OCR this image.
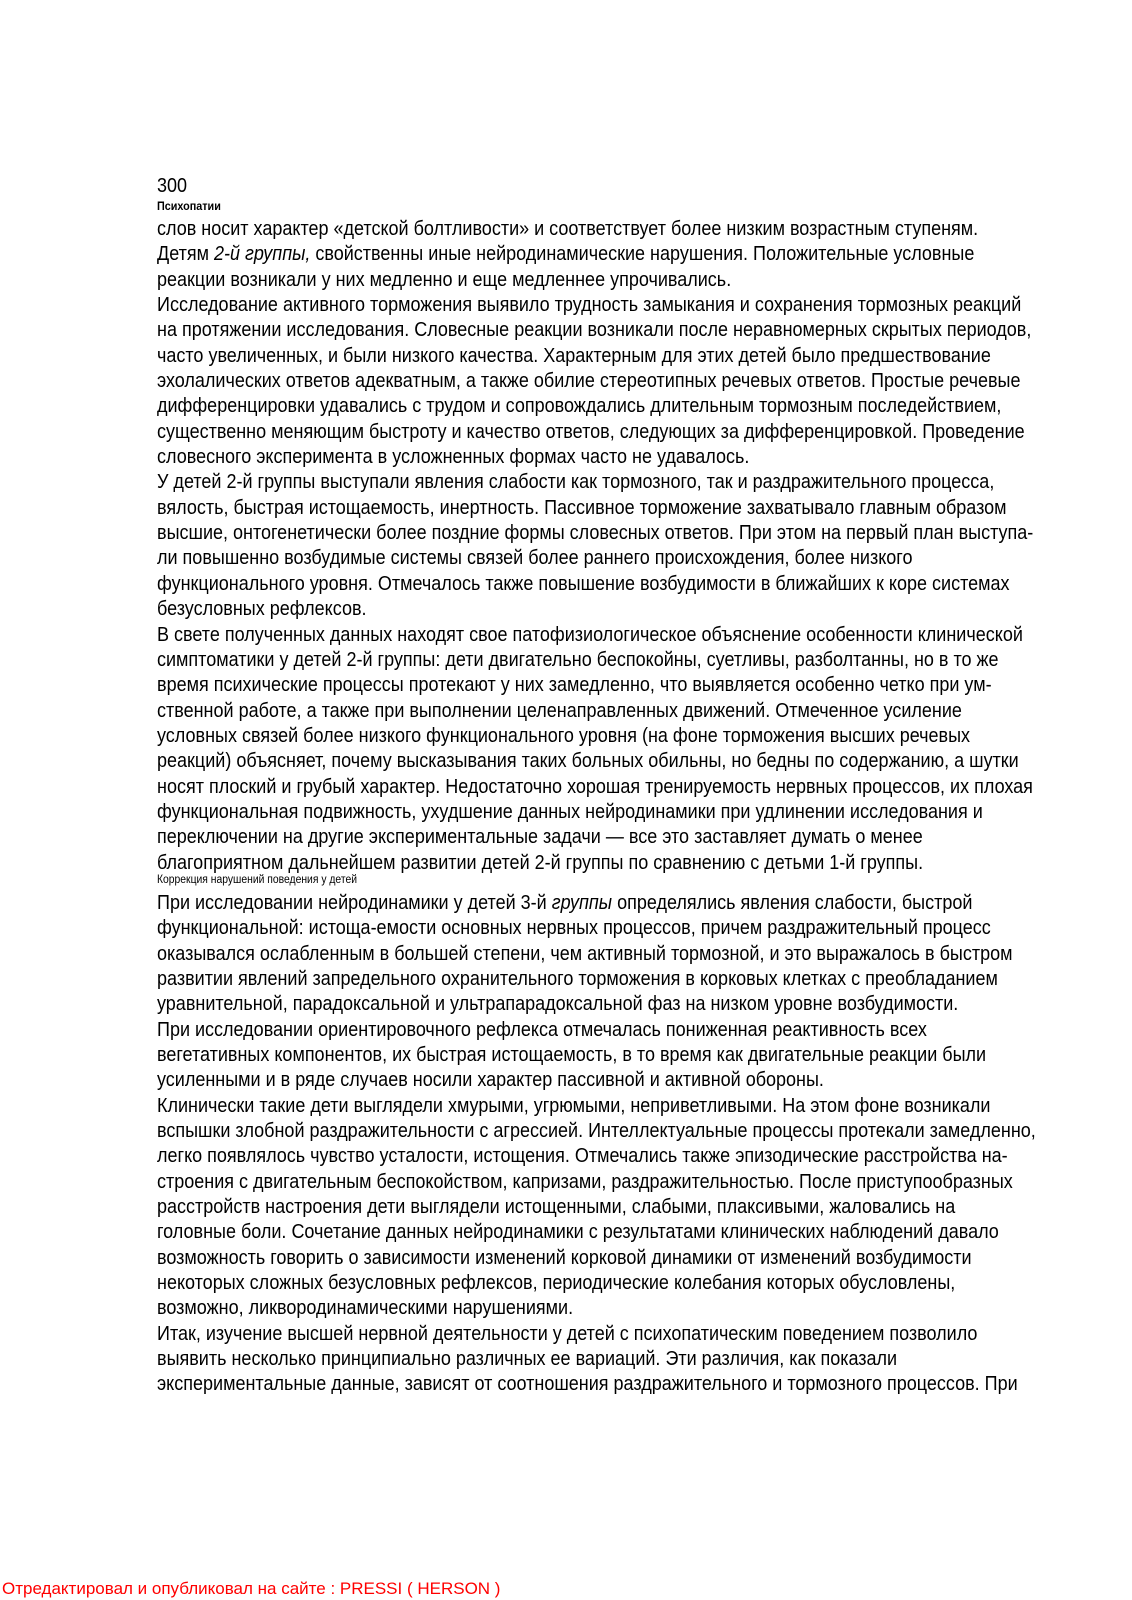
300
Психопатии
слов носит характер «детской болтливости» и соответствует более низким возрастным ступеням.
Детям 2-й группы, свойственны иные нейродинамические нарушения. Положительные условные
реакции возникали у них медленно и еще медленнее упрочивались.
Исследование активного торможения выявило трудность замыкания и сохранения тормозных реакций
на протяжении исследования. Словесные реакции возникали после неравномерных скрытых периодов,
часто увеличенных, и были низкого качества. Характерным для этих детей было предшествование
эхолалических ответов адекватным, а также обилие стереотипных речевых ответов. Простые речевые
дифференцировки удавались с трудом и сопровождались длительным тормозным последействием,
существенно меняющим быстроту и качество ответов, следующих за дифференцировкой. Проведение
словесного эксперимента в усложненных формах часто не удавалось.
У детей 2-й группы выступали явления слабости как тормозного, так и раздражительного процесса,
вялость, быстрая истощаемость, инертность. Пассивное торможение захватывало главным образом
высшие, онтогенетически более поздние формы словесных ответов. При этом на первый план выступа-
ли повышенно возбудимые системы связей более раннего происхождения, более низкого
функционального уровня. Отмечалось также повышение возбудимости в ближайших к коре системах
безусловных рефлексов.
В свете полученных данных находят свое патофизиологическое объяснение особенности клинической
симптоматики у детей 2-й группы: дети двигательно беспокойны, суетливы, разболтанны, но в то же
время психические процессы протекают у них замедленно, что выявляется особенно четко при ум-
ственной работе, а также при выполнении целенаправленных движений. Отмеченное усиление
условных связей более низкого функционального уровня (на фоне торможения высших речевых
реакций) объясняет, почему высказывания таких больных обильны, но бедны по содержанию, а шутки
носят плоский и грубый характер. Недостаточно хорошая тренируемость нервных процессов, их плохая
функциональная подвижность, ухудшение данных нейродинамики при удлинении исследования и
переключении на другие экспериментальные задачи — все это заставляет думать о менее
благоприятном дальнейшем развитии детей 2-й группы по сравнению с детьми 1-й группы.
Коррекция нарушений поведения у детей
При исследовании нейродинамики у детей 3-й группы определялись явления слабости, быстрой
функциональной: истоща-емости основных нервных процессов, причем раздражительный процесс
оказывался ослабленным в большей степени, чем активный тормозной, и это выражалось в быстром
развитии явлений запредельного охранительного торможения в корковых клетках с преобладанием
уравнительной, парадоксальной и ультрапарадоксальной фаз на низком уровне возбудимости.
При исследовании ориентировочного рефлекса отмечалась пониженная реактивность всех
вегетативных компонентов, их быстрая истощаемость, в то время как двигательные реакции были
усиленными и в ряде случаев носили характер пассивной и активной обороны.
Клинически такие дети выглядели хмурыми, угрюмыми, неприветливыми. На этом фоне возникали
вспышки злобной раздражительности с агрессией. Интеллектуальные процессы протекали замедленно,
легко появлялось чувство усталости, истощения. Отмечались также эпизодические расстройства на-
строения с двигательным беспокойством, капризами, раздражительностью. После приступообразных
расстройств настроения дети выглядели истощенными, слабыми, плаксивыми, жаловались на
головные боли. Сочетание данных нейродинамики с результатами клинических наблюдений давало
возможность говорить о зависимости изменений корковой динамики от изменений возбудимости
некоторых сложных безусловных рефлексов, периодические колебания которых обусловлены,
возможно, ликвородинамическими нарушениями.
Итак, изучение высшей нервной деятельности у детей с психопатическим поведением позволило
выявить несколько принципиально различных ее вариаций. Эти различия, как показали
экспериментальные данные, зависят от соотношения раздражительного и тормозного процессов. При
Отредактировал и опубликовал на сайте : PRESSI ( HERSON )
